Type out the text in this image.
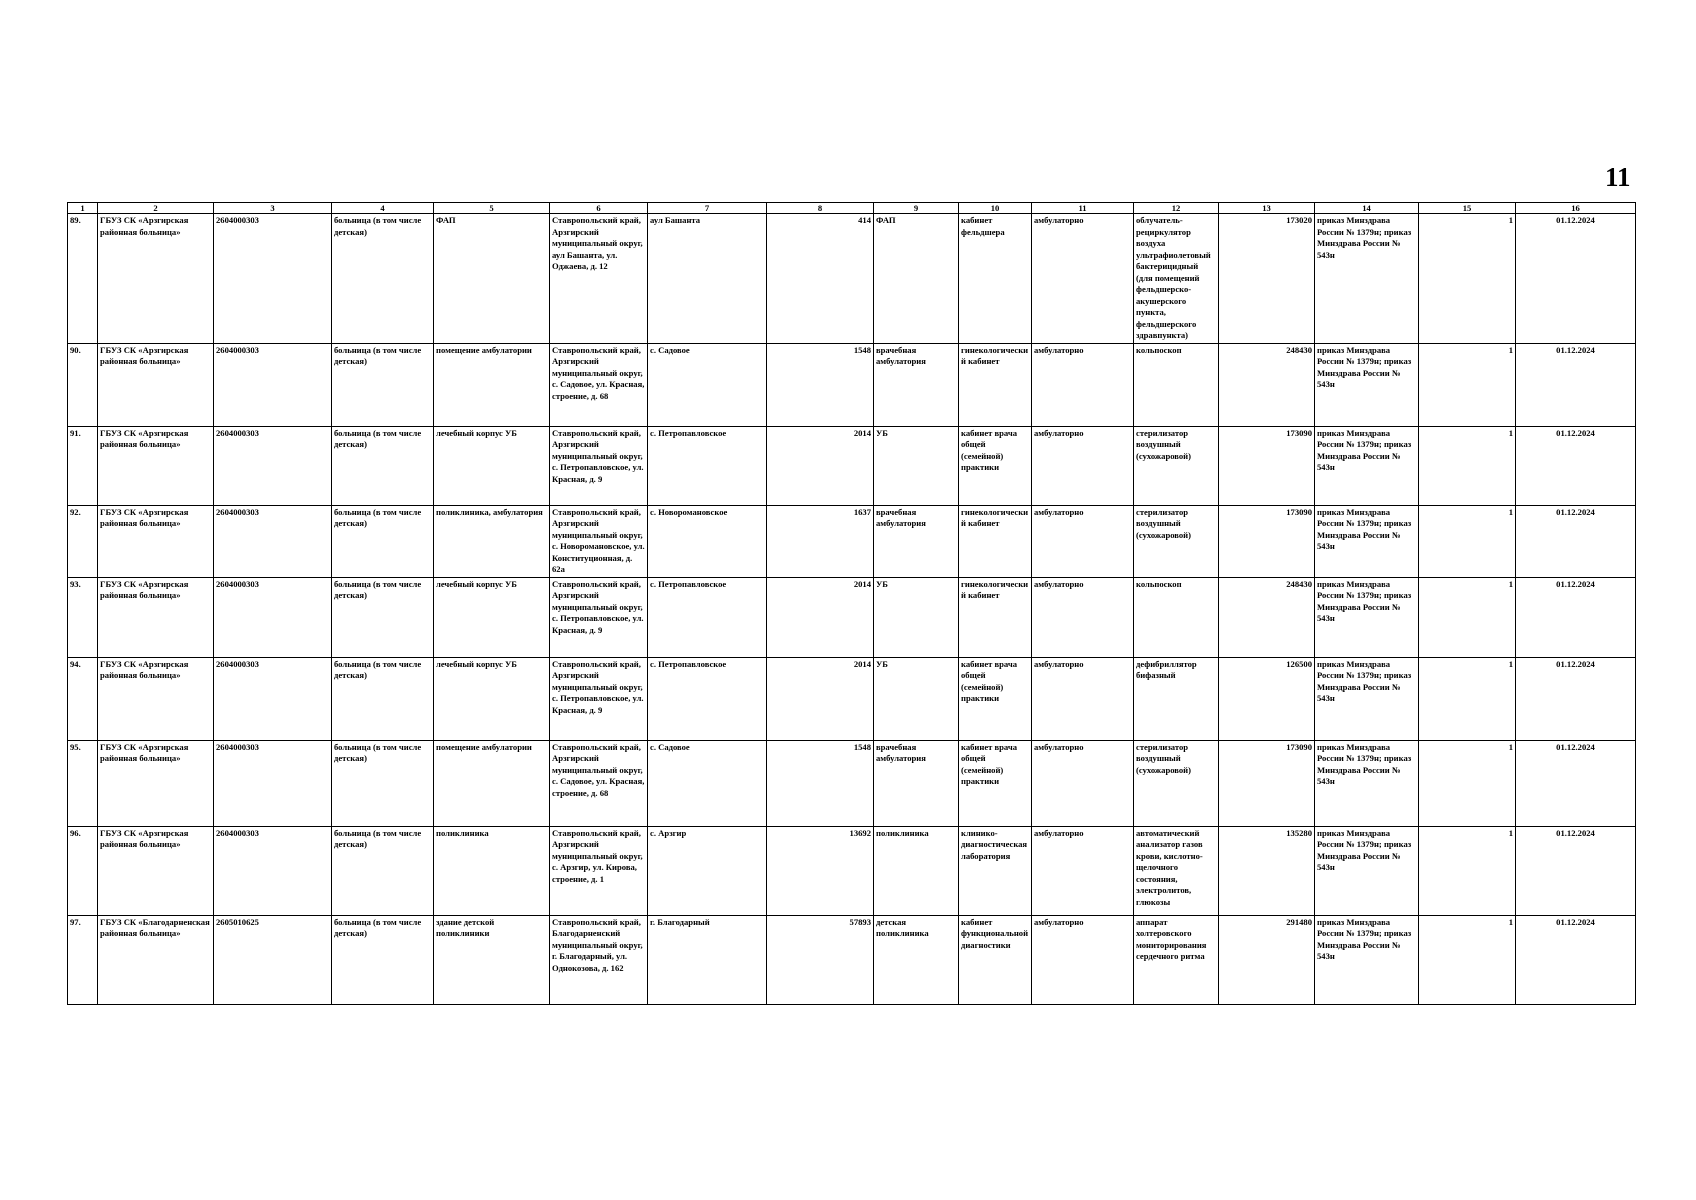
11
1	2	3	4	5	6	7	8	9	10	11	12	13	14	15	16
89.	ГБУЗ СК «Арзгирская районная больница»	2604000303	больница (в том числе детская)	ФАП	Ставропольский край, Арзгирский муниципальный округ, аул Башанта, ул. Оджаева, д. 12	аул Башанта	414	ФАП	кабинет фельдшера	амбулаторно	облучатель-рециркулятор воздуха ультрафиолетовый бактерицидный (для помещений фельдшерско-акушерского пункта, фельдшерского здравпункта)	173020	приказ Минздрава России № 1379н; приказ Минздрава России № 543н	1	01.12.2024
90.	ГБУЗ СК «Арзгирская районная больница»	2604000303	больница (в том числе детская)	помещение амбулатории	Ставропольский край, Арзгирский муниципальный округ, с. Садовое, ул. Красная, строение, д. 68	с. Садовое	1548	врачебная амбулатория	гинекологический кабинет	амбулаторно	кольпоскоп	248430	приказ Минздрава России № 1379н; приказ Минздрава России № 543н	1	01.12.2024
91.	ГБУЗ СК «Арзгирская районная больница»	2604000303	больница (в том числе детская)	лечебный корпус УБ	Ставропольский край, Арзгирский муниципальный округ, с. Петропавловское, ул. Красная, д. 9	с. Петропавловское	2014	УБ	кабинет врача общей (семейной) практики	амбулаторно	стерилизатор воздушный (сухожаровой)	173090	приказ Минздрава России № 1379н; приказ Минздрава России № 543н	1	01.12.2024
92.	ГБУЗ СК «Арзгирская районная больница»	2604000303	больница (в том числе детская)	поликлиника, амбулатория	Ставропольский край, Арзгирский муниципальный округ, с. Новоромановское, ул. Конституционная, д. 62а	с. Новоромановское	1637	врачебная амбулатория	гинекологический кабинет	амбулаторно	стерилизатор воздушный (сухожаровой)	173090	приказ Минздрава России № 1379н; приказ Минздрава России № 543н	1	01.12.2024
93.	ГБУЗ СК «Арзгирская районная больница»	2604000303	больница (в том числе детская)	лечебный корпус УБ	Ставропольский край, Арзгирский муниципальный округ, с. Петропавловское, ул. Красная, д. 9	с. Петропавловское	2014	УБ	гинекологический кабинет	амбулаторно	кольпоскоп	248430	приказ Минздрава России № 1379н; приказ Минздрава России № 543н	1	01.12.2024
94.	ГБУЗ СК «Арзгирская районная больница»	2604000303	больница (в том числе детская)	лечебный корпус УБ	Ставропольский край, Арзгирский муниципальный округ, с. Петропавловское, ул. Красная, д. 9	с. Петропавловское	2014	УБ	кабинет врача общей (семейной) практики	амбулаторно	дефибриллятор бифазный	126500	приказ Минздрава России № 1379н; приказ Минздрава России № 543н	1	01.12.2024
95.	ГБУЗ СК «Арзгирская районная больница»	2604000303	больница (в том числе детская)	помещение амбулатории	Ставропольский край, Арзгирский муниципальный округ, с. Садовое, ул. Красная, строение, д. 68	с. Садовое	1548	врачебная амбулатория	кабинет врача общей (семейной) практики	амбулаторно	стерилизатор воздушный (сухожаровой)	173090	приказ Минздрава России № 1379н; приказ Минздрава России № 543н	1	01.12.2024
96.	ГБУЗ СК «Арзгирская районная больница»	2604000303	больница (в том числе детская)	поликлиника	Ставропольский край, Арзгирский муниципальный округ, с. Арзгир, ул. Кирова, строение, д. 1	с. Арзгир	13692	поликлиника	клинико-диагностическая лаборатория	амбулаторно	автоматический анализатор газов крови, кислотно-щелочного состояния, электролитов, глюкозы	135280	приказ Минздрава России № 1379н; приказ Минздрава России № 543н	1	01.12.2024
97.	ГБУЗ СК «Благодарненская районная больница»	2605010625	больница (в том числе детская)	здание детской поликлиники	Ставропольский край, Благодарненский муниципальный округ, г. Благодарный, ул. Однокозова, д. 162	г. Благодарный	57893	детская поликлиника	кабинет функциональной диагностики	амбулаторно	аппарат холтеровского мониторирования сердечного ритма	291480	приказ Минздрава России № 1379н; приказ Минздрава России № 543н	1	01.12.2024
